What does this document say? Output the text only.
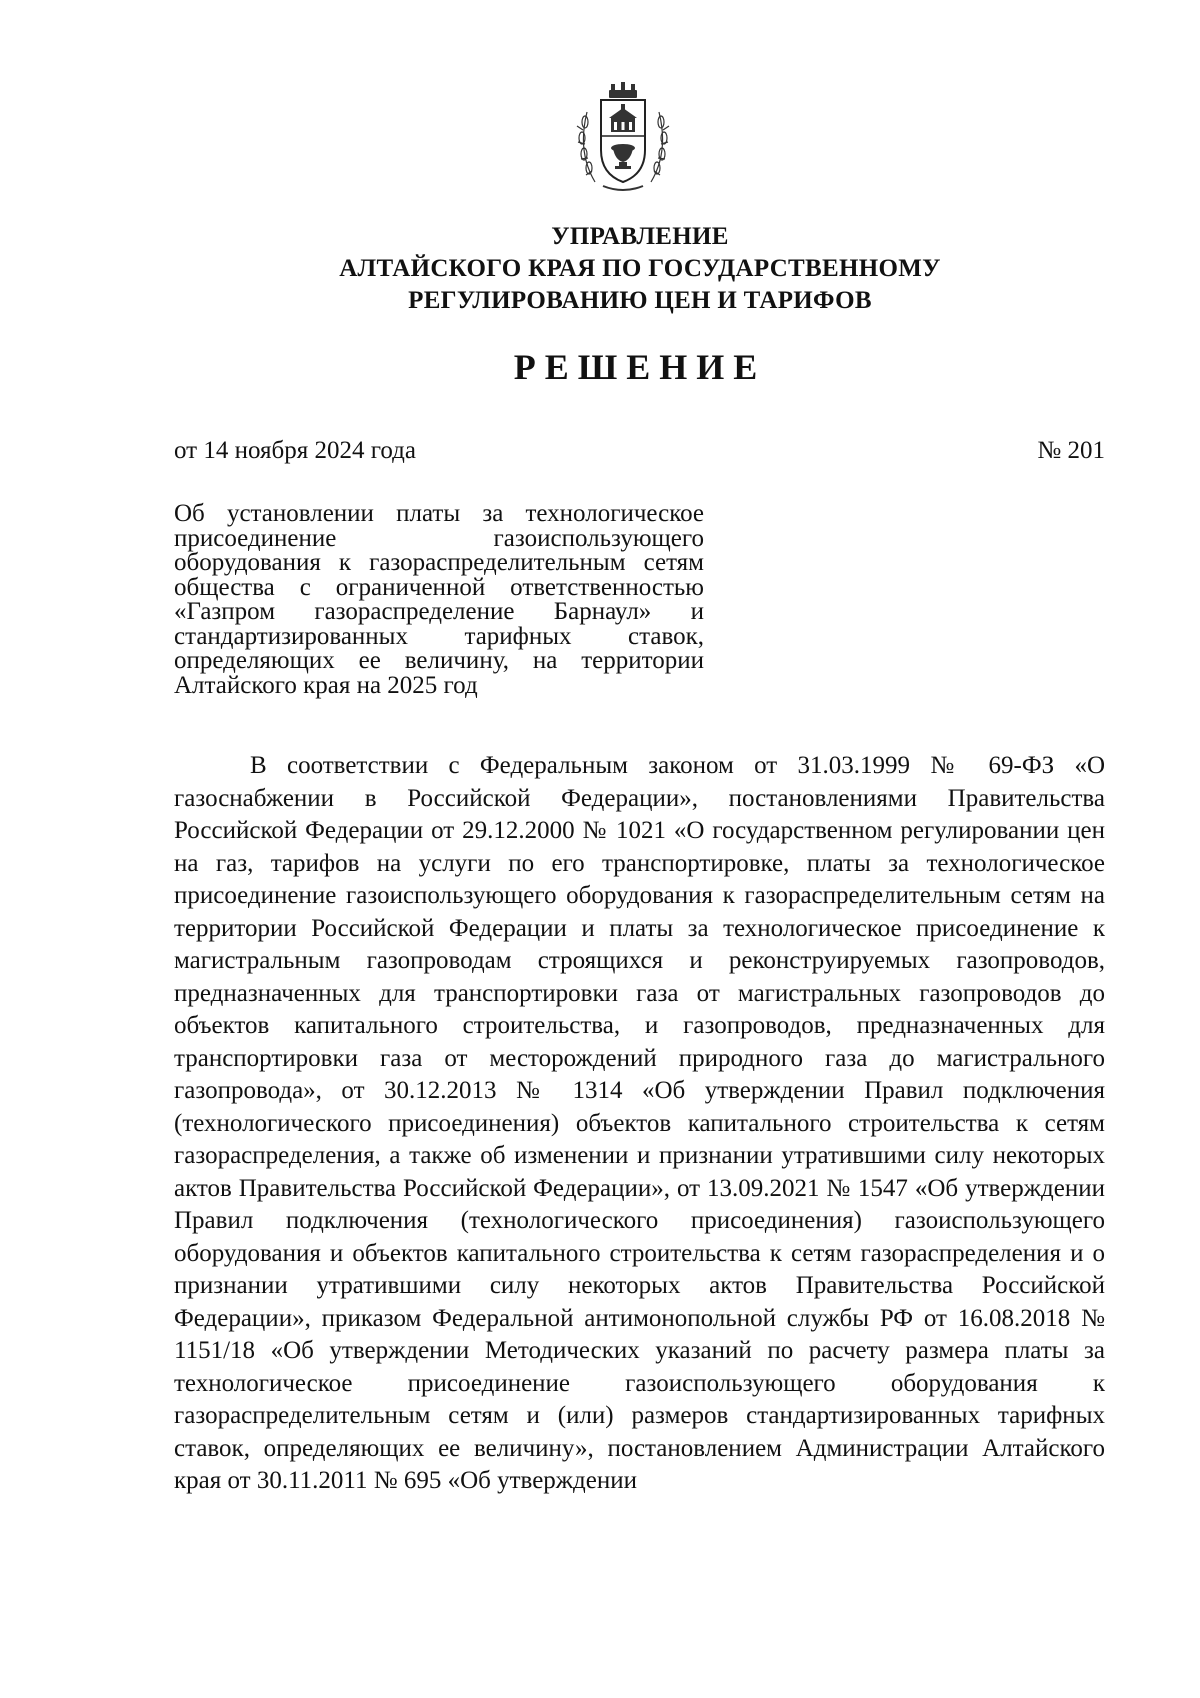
УПРАВЛЕНИЕ
АЛТАЙСКОГО КРАЯ ПО ГОСУДАРСТВЕННОМУ
РЕГУЛИРОВАНИЮ ЦЕН И ТАРИФОВ
РЕШЕНИЕ
от 14 ноября 2024 года	№ 201
Об установлении платы за технологическое присоединение газоиспользующего оборудования к газораспределительным сетям общества с ограниченной ответственностью «Газпром газораспределение Барнаул» и стандартизированных тарифных ставок, определяющих ее величину, на территории Алтайского края на 2025 год

В соответствии с Федеральным законом от 31.03.1999 № 69-ФЗ «О газоснабжении в Российской Федерации», постановлениями Правительства Российской Федерации от 29.12.2000 № 1021 «О государственном регулировании цен на газ, тарифов на услуги по его транспортировке, платы за технологическое присоединение газоиспользующего оборудования к газораспределительным сетям на территории Российской Федерации и платы за технологическое присоединение к магистральным газопроводам строящихся и реконструируемых газопроводов, предназначенных для транспортировки газа от магистральных газопроводов до объектов капитального строительства, и газопроводов, предназначенных для транспортировки газа от месторождений природного газа до магистрального газопровода», от 30.12.2013 № 1314 «Об утверждении Правил подключения (технологического присоединения) объектов капитального строительства к сетям газораспределения, а также об изменении и признании утратившими силу некоторых актов Правительства Российской Федерации», от 13.09.2021 № 1547 «Об утверждении Правил подключения (технологического присоединения) газоиспользующего оборудования и объектов капитального строительства к сетям газораспределения и о признании утратившими силу некоторых актов Правительства Российской Федерации», приказом Федеральной антимонопольной службы РФ от 16.08.2018 № 1151/18 «Об утверждении Методических указаний по расчету размера платы за технологическое присоединение газоиспользующего оборудования к газораспределительным сетям и (или) размеров стандартизированных тарифных ставок, определяющих ее величину», постановлением Администрации Алтайского края от 30.11.2011 № 695 «Об утверждении
